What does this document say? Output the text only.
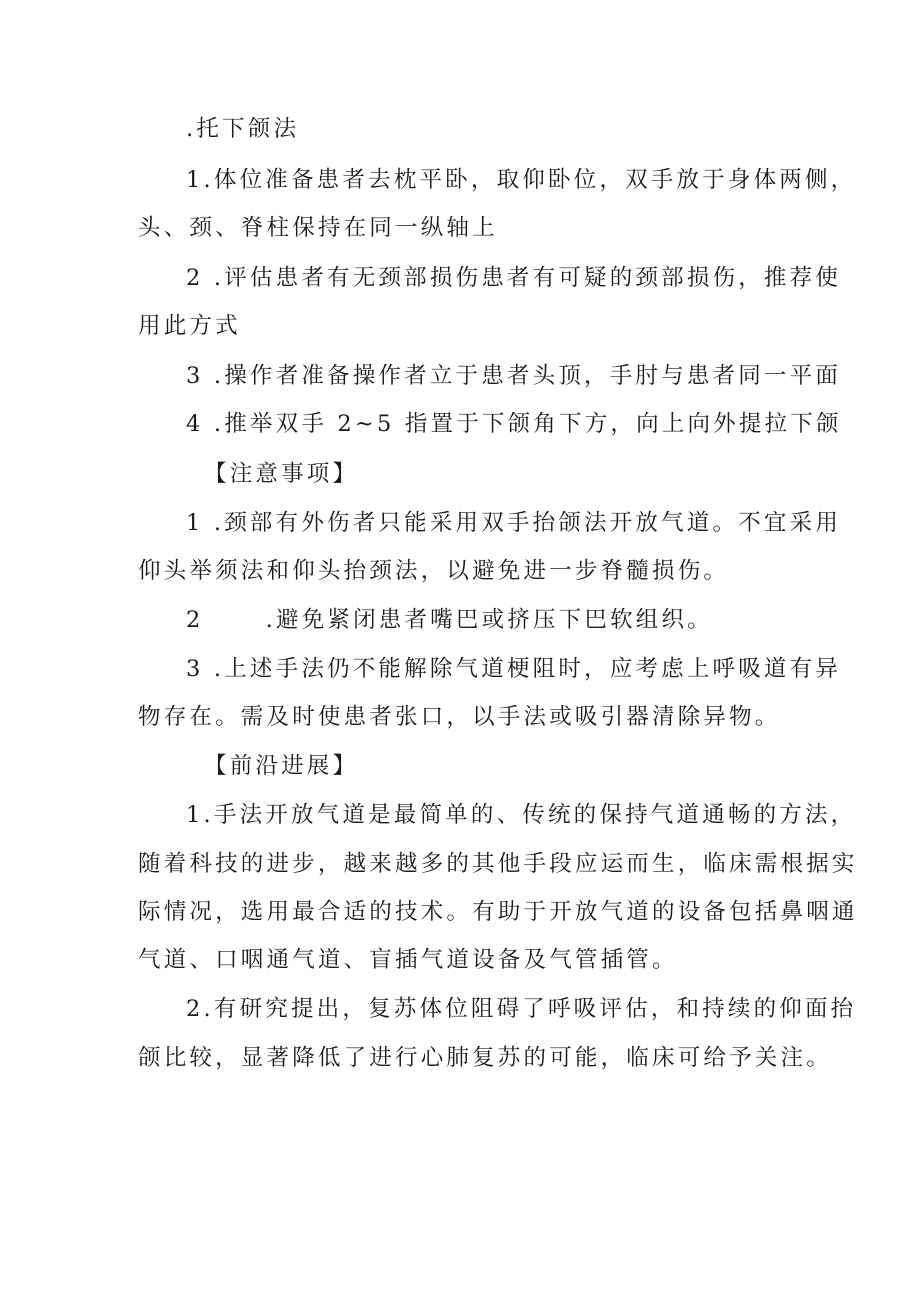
.托下颌法
1.体位准备患者去枕平卧，取仰卧位，双手放于身体两侧，
头、颈、脊柱保持在同一纵轴上
2 .评估患者有无颈部损伤患者有可疑的颈部损伤，推荐使
用此方式
3 .操作者准备操作者立于患者头顶，手肘与患者同一平面
4 .推举双手 2~5 指置于下颌角下方，向上向外提拉下颌
【注意事项】
1 .颈部有外伤者只能采用双手抬颌法开放气道。不宜采用
仰头举须法和仰头抬颈法，以避免进一步脊髓损伤。
2      .避免紧闭患者嘴巴或挤压下巴软组织。
3 .上述手法仍不能解除气道梗阻时，应考虑上呼吸道有异
物存在。需及时使患者张口，以手法或吸引器清除异物。
【前沿进展】
1.手法开放气道是最简单的、传统的保持气道通畅的方法，
随着科技的进步，越来越多的其他手段应运而生，临床需根据实
际情况，选用最合适的技术。有助于开放气道的设备包括鼻咽通
气道、口咽通气道、盲插气道设备及气管插管。
2.有研究提出，复苏体位阻碍了呼吸评估，和持续的仰面抬
颌比较，显著降低了进行心肺复苏的可能，临床可给予关注。
